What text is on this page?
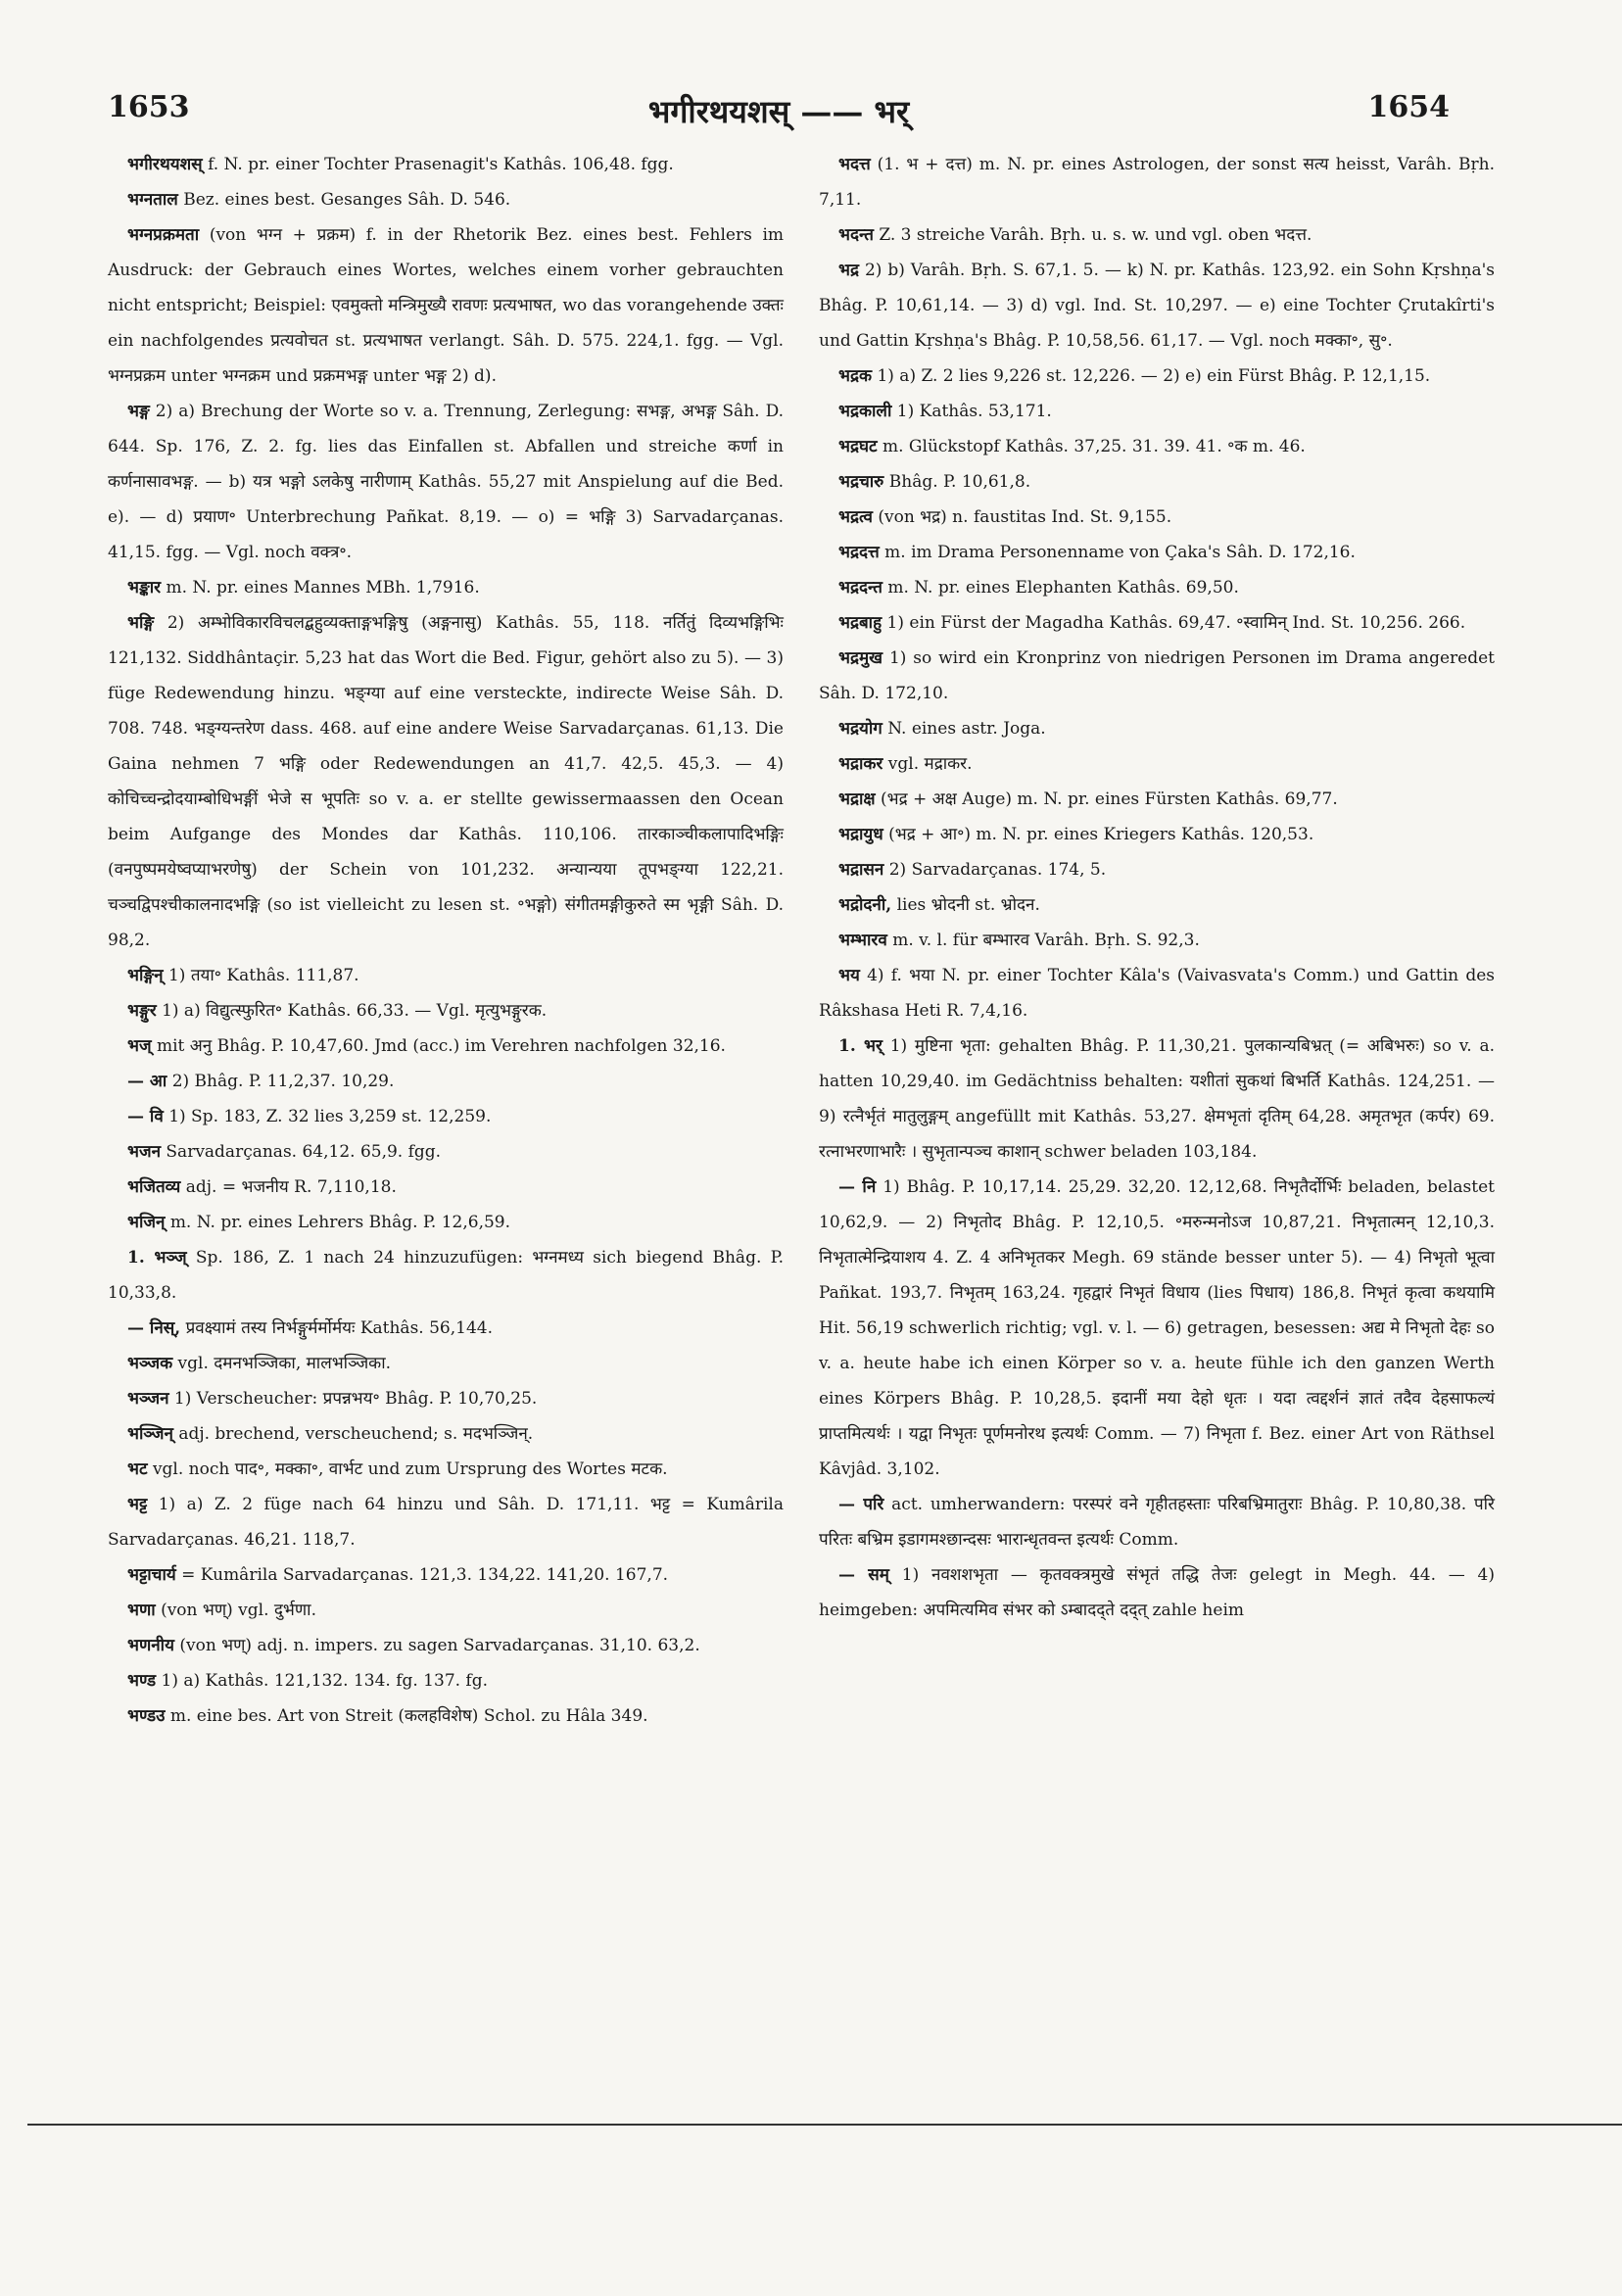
1653	भगीरथयशस् —— भर्	1654

भगीरथयशस् f. N. pr. einer Tochter Prasenagit's Kathâs. 106,48. fgg.

भग्नताल Bez. eines best. Gesanges Sâh. D. 546.

भग्नप्रक्रमता (von भग्न + प्रक्रम) f. in der Rhetorik Bez. eines best. Fehlers im Ausdruck: der Gebrauch eines Wortes, welches einem vorher gebrauchten nicht entspricht; Beispiel: एवमुक्तो मन्त्रिमुख्यै रावणः प्रत्यभाषत, wo das vorangehende उक्तः ein nachfolgendes प्रत्यवोचत st. प्रत्यभाषत verlangt. Sâh. D. 575. 224,1. fgg. — Vgl. भग्नप्रक्रम unter भग्नक्रम und प्रक्रमभङ्ग unter भङ्ग 2) d).

भङ्ग 2) a) Brechung der Worte so v. a. Trennung, Zerlegung: सभङ्ग, अभङ्ग Sâh. D. 644. Sp. 176, Z. 2. fg. lies das Einfallen st. Abfallen und streiche कर्णा in कर्णनासावभङ्ग. — b) यत्र भङ्गो ऽलकेषु नारीणाम् Kathâs. 55,27 mit Anspielung auf die Bed. e). — d) प्रयाण॰ Unterbrechung Pañkat. 8,19. — o) = भङ्गि 3) Sarvadarçanas. 41,15. fgg. — Vgl. noch वक्त्र॰.

भङ्कार m. N. pr. eines Mannes MBh. 1,7916.

भङ्गि 2) अम्भोविकारविचलद्बहुव्यक्ताङ्गभङ्गिषु (अङ्गनासु) Kathâs. 55, 118. नर्तितुं दिव्यभङ्गिभिः 121,132. Siddhântaçir. 5,23 hat das Wort die Bed. Figur, gehört also zu 5). — 3) füge Redewendung hinzu. भङ्ग्या auf eine versteckte, indirecte Weise Sâh. D. 708. 748. भङ्ग्यन्तरेण dass. 468. auf eine andere Weise Sarvadarçanas. 61,13. Die Gaina nehmen 7 भङ्गि oder Redewendungen an 41,7. 42,5. 45,3. — 4) कोचिच्चन्द्रोदयाम्बोधिभङ्गीं भेजे स भूपतिः so v. a. er stellte gewissermaassen den Ocean beim Aufgange des Mondes dar Kathâs. 110,106. तारकाञ्चीकलापादिभङ्गिः (वनपुष्पमयेष्वप्याभरणेषु) der Schein von 101,232. अन्यान्यया तूपभङ्ग्या 122,21. चञ्चद्विपश्चीकालनादभङ्गि (so ist vielleicht zu lesen st. ॰भङ्गो) संगीतमङ्गीकुरुते स्म भृङ्गी Sâh. D. 98,2.

भङ्गिन् 1) तया॰ Kathâs. 111,87.

भङ्गुर 1) a) विद्युत्स्फुरित॰ Kathâs. 66,33. — Vgl. मृत्युभङ्गुरक.

भज् mit अनु Bhâg. P. 10,47,60. Jmd (acc.) im Verehren nachfolgen 32,16.

— आ 2) Bhâg. P. 11,2,37. 10,29.

— वि 1) Sp. 183, Z. 32 lies 3,259 st. 12,259.

भजन Sarvadarçanas. 64,12. 65,9. fgg.

भजितव्य adj. = भजनीय R. 7,110,18.

भजिन् m. N. pr. eines Lehrers Bhâg. P. 12,6,59.

1. भञ्ज् Sp. 186, Z. 1 nach 24 hinzuzufügen: भग्नमध्य sich biegend Bhâg. P. 10,33,8.

— निस्, प्रवक्ष्यामं तस्य निर्भङ्गुर्मर्मोर्मयः Kathâs. 56,144.

भञ्जक vgl. दमनभञ्जिका, मालभञ्जिका.

भञ्जन 1) Verscheucher: प्रपन्नभय॰ Bhâg. P. 10,70,25.

भञ्जिन् adj. brechend, verscheuchend; s. मदभञ्जिन्.

भट vgl. noch पाद॰, मक्का॰, वार्भट und zum Ursprung des Wortes मटक.

भट्ट 1) a) Z. 2 füge nach 64 hinzu und Sâh. D. 171,11. भट्ट = Kumârila Sarvadarçanas. 46,21. 118,7.

भट्टाचार्य = Kumârila Sarvadarçanas. 121,3. 134,22. 141,20. 167,7.

भणा (von भण्) vgl. दुर्भणा.

भणनीय (von भण्) adj. n. impers. zu sagen Sarvadarçanas. 31,10. 63,2.

भण्ड 1) a) Kathâs. 121,132. 134. fg. 137. fg.

भण्डउ m. eine bes. Art von Streit (कलहविशेष) Schol. zu Hâla 349.

भदत्त (1. भ + दत्त) m. N. pr. eines Astrologen, der sonst सत्य heisst, Varâh. Bṛh. 7,11.

भदन्त Z. 3 streiche Varâh. Bṛh. u. s. w. und vgl. oben भदत्त.

भद्र 2) b) Varâh. Bṛh. S. 67,1. 5. — k) N. pr. Kathâs. 123,92. ein Sohn Kṛshṇa's Bhâg. P. 10,61,14. — 3) d) vgl. Ind. St. 10,297. — e) eine Tochter Çrutakîrti's und Gattin Kṛshṇa's Bhâg. P. 10,58,56. 61,17. — Vgl. noch मक्का॰, सु॰.

भद्रक 1) a) Z. 2 lies 9,226 st. 12,226. — 2) e) ein Fürst Bhâg. P. 12,1,15.

भद्रकाली 1) Kathâs. 53,171.

भद्रघट m. Glückstopf Kathâs. 37,25. 31. 39. 41. ॰क m. 46.

भद्रचारु Bhâg. P. 10,61,8.

भद्रत्व (von भद्र) n. faustitas Ind. St. 9,155.

भद्रदत्त m. im Drama Personenname von Çaka's Sâh. D. 172,16.

भद्रदन्त m. N. pr. eines Elephanten Kathâs. 69,50.

भद्रबाहु 1) ein Fürst der Magadha Kathâs. 69,47. ॰स्वामिन् Ind. St. 10,256. 266.

भद्रमुख 1) so wird ein Kronprinz von niedrigen Personen im Drama angeredet Sâh. D. 172,10.

भद्रयोग N. eines astr. Joga.

भद्राकर vgl. मद्राकर.

भद्राक्ष (भद्र + अक्ष Auge) m. N. pr. eines Fürsten Kathâs. 69,77.

भद्रायुध (भद्र + आ॰) m. N. pr. eines Kriegers Kathâs. 120,53.

भद्रासन 2) Sarvadarçanas. 174, 5.

भद्रोदनी, lies भ्रोदनी st. भ्रोदन.

भम्भारव m. v. l. für बम्भारव Varâh. Bṛh. S. 92,3.

भय 4) f. भया N. pr. einer Tochter Kâla's (Vaivasvata's Comm.) und Gattin des Râkshasa Heti R. 7,4,16.

1. भर् 1) मुष्टिना भृता: gehalten Bhâg. P. 11,30,21. पुलकान्यबिभ्रत् (= अबिभरुः) so v. a. hatten 10,29,40. im Gedächtniss behalten: यशीतां सुकथां बिभर्ति Kathâs. 124,251. — 9) रत्नैर्भृतं मातुलुङ्गम् angefüllt mit Kathâs. 53,27. क्षेमभृतां दृतिम् 64,28. अमृतभृत (कर्पर) 69. रत्नाभरणाभारैः । सुभृतान्पञ्च काशान् schwer beladen 103,184.

— नि 1) Bhâg. P. 10,17,14. 25,29. 32,20. 12,12,68. निभृतैर्दोर्भिः beladen, belastet 10,62,9. — 2) निभृतोद Bhâg. P. 12,10,5. ॰मरुन्मनोऽज 10,87,21. निभृतात्मन् 12,10,3. निभृतात्मेन्द्रियाशय 4. Z. 4 अनिभृतकर Megh. 69 stände besser unter 5). — 4) निभृतो भूत्वा Pañkat. 193,7. निभृतम् 163,24. गृहद्वारं निभृतं विधाय (lies पिधाय) 186,8. निभृतं कृत्वा कथयामि Hit. 56,19 schwerlich richtig; vgl. v. l. — 6) getragen, besessen: अद्य मे निभृतो देहः so v. a. heute habe ich einen Körper so v. a. heute fühle ich den ganzen Werth eines Körpers Bhâg. P. 10,28,5. इदानीं मया देहो धृतः । यदा त्वद्दर्शनं ज्ञातं तदैव देहसाफल्यं प्राप्तमित्यर्थः । यद्वा निभृतः पूर्णमनोरथ इत्यर्थः Comm. — 7) निभृता f. Bez. einer Art von Räthsel Kâvjâd. 3,102.

— परि act. umherwandern: परस्परं वने गृहीतहस्ताः परिबभ्रिमातुराः Bhâg. P. 10,80,38. परि परितः बभ्रिम इडागमश्छान्दसः भारान्धृतवन्त इत्यर्थः Comm.

— सम् 1) नवशशभृता — कृतवक्त्रमुखे संभृतं तद्धि तेजः gelegt in Megh. 44. — 4) heimgeben: अपमित्यमिव संभर को ऽम्बादद्ते दद्त् zahle heim
